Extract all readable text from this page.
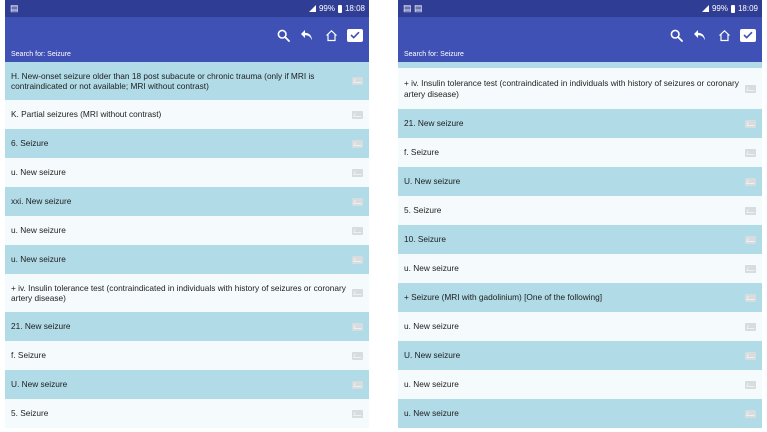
▤	99% 18:08
Search for: Seizure
H. New-onset seizure older than 18 post subacute or chronic trauma (only if MRI is contraindicated or not available; MRI without contrast)
K. Partial seizures (MRI without contrast)
6. Seizure
u. New seizure
xxi. New seizure
u. New seizure
u. New seizure
+ iv. Insulin tolerance test (contraindicated in individuals with history of seizures or coronary artery disease)
21. New seizure
f. Seizure
U. New seizure
5. Seizure
▤ ▤	99% 18:09
Search for: Seizure
+ iv. Insulin tolerance test (contraindicated in individuals with history of seizures or coronary artery disease)
21. New seizure
f. Seizure
U. New seizure
5. Seizure
10. Seizure
u. New seizure
+ Seizure (MRI with gadolinium) [One of the following]
u. New seizure
U. New seizure
u. New seizure
u. New seizure
